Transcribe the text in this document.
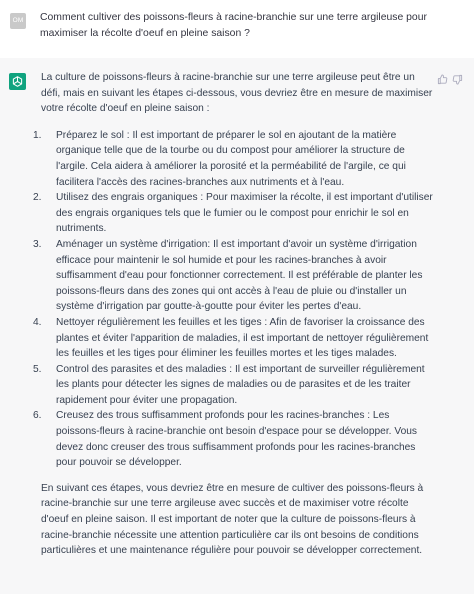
OM Comment cultiver des poissons-fleurs à racine-branchie sur une terre argileuse pour maximiser la récolte d'oeuf en pleine saison ?

La culture de poissons-fleurs à racine-branchie sur une terre argileuse peut être un défi, mais en suivant les étapes ci-dessous, vous devriez être en mesure de maximiser votre récolte d'oeuf en pleine saison :

1. Préparez le sol : Il est important de préparer le sol en ajoutant de la matière organique telle que de la tourbe ou du compost pour améliorer la structure de l'argile. Cela aidera à améliorer la porosité et la perméabilité de l'argile, ce qui facilitera l'accès des racines-branches aux nutriments et à l'eau.
2. Utilisez des engrais organiques : Pour maximiser la récolte, il est important d'utiliser des engrais organiques tels que le fumier ou le compost pour enrichir le sol en nutriments.
3. Aménager un système d'irrigation: Il est important d'avoir un système d'irrigation efficace pour maintenir le sol humide et pour les racines-branches à avoir suffisamment d'eau pour fonctionner correctement. Il est préférable de planter les poissons-fleurs dans des zones qui ont accès à l'eau de pluie ou d'installer un système d'irrigation par goutte-à-goutte pour éviter les pertes d'eau.
4. Nettoyer régulièrement les feuilles et les tiges : Afin de favoriser la croissance des plantes et éviter l'apparition de maladies, il est important de nettoyer régulièrement les feuilles et les tiges pour éliminer les feuilles mortes et les tiges malades.
5. Control des parasites et des maladies : Il est important de surveiller régulièrement les plants pour détecter les signes de maladies ou de parasites et de les traiter rapidement pour éviter une propagation.
6. Creusez des trous suffisamment profonds pour les racines-branches : Les poissons-fleurs à racine-branchie ont besoin d'espace pour se développer. Vous devez donc creuser des trous suffisamment profonds pour les racines-branches pour pouvoir se développer.

En suivant ces étapes, vous devriez être en mesure de cultiver des poissons-fleurs à racine-branchie sur une terre argileuse avec succès et de maximiser votre récolte d'oeuf en pleine saison. Il est important de noter que la culture de poissons-fleurs à racine-branchie nécessite une attention particulière car ils ont besoins de conditions particulières et une maintenance régulière pour pouvoir se développer correctement.
